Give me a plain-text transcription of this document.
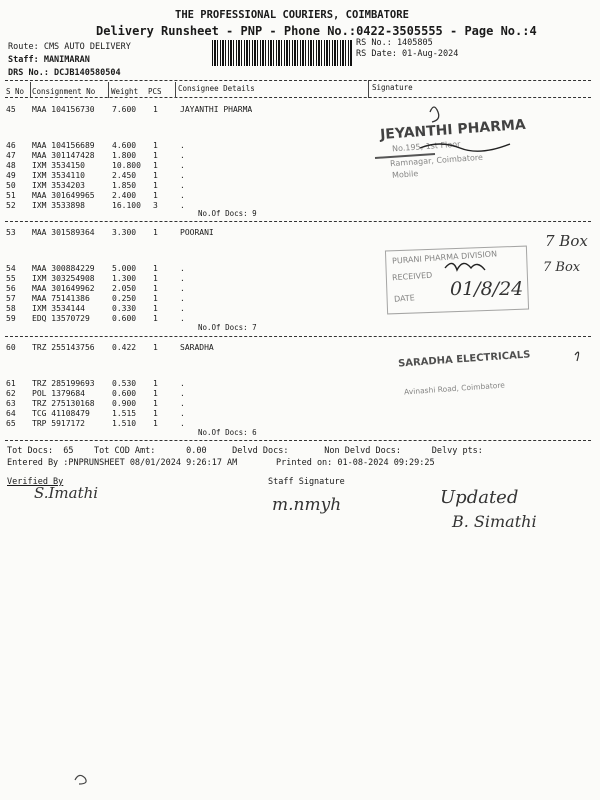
THE PROFESSIONAL COURIERS, COIMBATORE
Delivery Runsheet - PNP - Phone No.:0422-3505555 - Page No.:4
Route: CMS AUTO DELIVERY
Staff: MANIMARAN
DRS No.: DCJB140580504
RS No.: 1405805
RS Date: 01-Aug-2024
S No Consignment No Weight PCS Consignee Details	Signature
45 MAA 104156730 7.600 1	JAYANTHI PHARMA
46 MAA 104156689 4.600 1	.
47 MAA 301147428 1.800 1	.
48 IXM 3534150	10.800 1	.
49 IXM 3534110	2.450 1	.
50 IXM 3534203	1.850 1	.
51 MAA 301649965 2.400 1	.
52 IXM 3533898	16.100 3	.
No.Of Docs: 9
53 MAA 301589364 3.300 1	POORANI
54 MAA 300884229 5.000 1	.
55 IXM 303254908 1.300 1	.
56 MAA 301649962 2.050 1	.
57 MAA 75141386	0.250 1	.
58 IXM 3534144	0.330 1	.
59 EDQ 13570729	0.600 1	.
No.Of Docs: 7
60 TRZ 255143756 0.422 1	SARADHA
61 TRZ 285199693 0.530 1	.
62 POL 1379684	0.600 1	.
63 TRZ 275130168 0.900 1	.
64 TCG 41108479	1.515 1	.
65 TRP 5917172	1.510 1	.
No.Of Docs: 6
Tot Docs:  65    Tot COD Amt:      0.00     Delvd Docs:       Non Delvd Docs:      Delvy pts:
Entered By :PNPRUNSHEET 08/01/2024 9:26:17 AM	Printed on: 01-08-2024 09:29:25
Verified By	Staff Signature
JEYANTHI PHARMA
No.195, 1st Floor
Ramnagar, Coimbatore
Mobile
PURANI PHARMA DIVISION
RECEIVED
DATE
SARADHA ELECTRICALS
Avinashi Road, Coimbatore
7 Box
7 Box
01/8/24
S.Imathi
m.nmyh	Updated
B. Simathi
